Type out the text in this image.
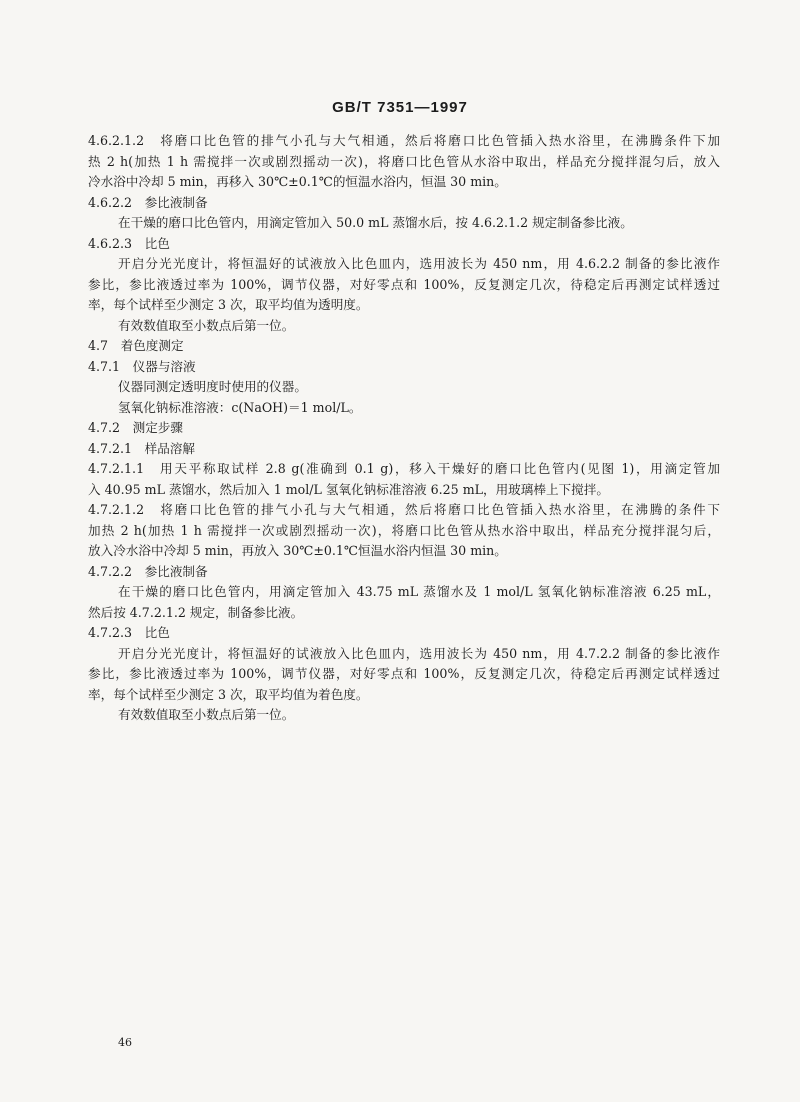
GB/T 7351—1997
4.6.2.1.2　将磨口比色管的排气小孔与大气相通，然后将磨口比色管插入热水浴里，在沸腾条件下加
热 2 h(加热 1 h 需搅拌一次或剧烈摇动一次)，将磨口比色管从水浴中取出，样品充分搅拌混匀后，放入
冷水浴中冷却 5 min，再移入 30℃±0.1℃的恒温水浴内，恒温 30 min。
4.6.2.2　参比液制备
在干燥的磨口比色管内，用滴定管加入 50.0 mL 蒸馏水后，按 4.6.2.1.2 规定制备参比液。
4.6.2.3　比色
开启分光光度计，将恒温好的试液放入比色皿内，选用波长为 450 nm，用 4.6.2.2 制备的参比液作
参比，参比液透过率为 100%，调节仪器，对好零点和 100%，反复测定几次，待稳定后再测定试样透过
率，每个试样至少测定 3 次，取平均值为透明度。
有效数值取至小数点后第一位。
4.7　着色度测定
4.7.1　仪器与溶液
仪器同测定透明度时使用的仪器。
氢氧化钠标准溶液：c(NaOH)＝1 mol/L。
4.7.2　测定步骤
4.7.2.1　样品溶解
4.7.2.1.1　用天平称取试样 2.8 g(准确到 0.1 g)，移入干燥好的磨口比色管内(见图 1)，用滴定管加
入 40.95 mL 蒸馏水，然后加入 1 mol/L 氢氧化钠标准溶液 6.25 mL，用玻璃棒上下搅拌。
4.7.2.1.2　将磨口比色管的排气小孔与大气相通，然后将磨口比色管插入热水浴里，在沸腾的条件下
加热 2 h(加热 1 h 需搅拌一次或剧烈摇动一次)，将磨口比色管从热水浴中取出，样品充分搅拌混匀后，
放入冷水浴中冷却 5 min，再放入 30℃±0.1℃恒温水浴内恒温 30 min。
4.7.2.2　参比液制备
在干燥的磨口比色管内，用滴定管加入 43.75 mL 蒸馏水及 1 mol/L 氢氧化钠标准溶液 6.25 mL，
然后按 4.7.2.1.2 规定，制备参比液。
4.7.2.3　比色
开启分光光度计，将恒温好的试液放入比色皿内，选用波长为 450 nm，用 4.7.2.2 制备的参比液作
参比，参比液透过率为 100%，调节仪器，对好零点和 100%，反复测定几次，待稳定后再测定试样透过
率，每个试样至少测定 3 次，取平均值为着色度。
有效数值取至小数点后第一位。
46
